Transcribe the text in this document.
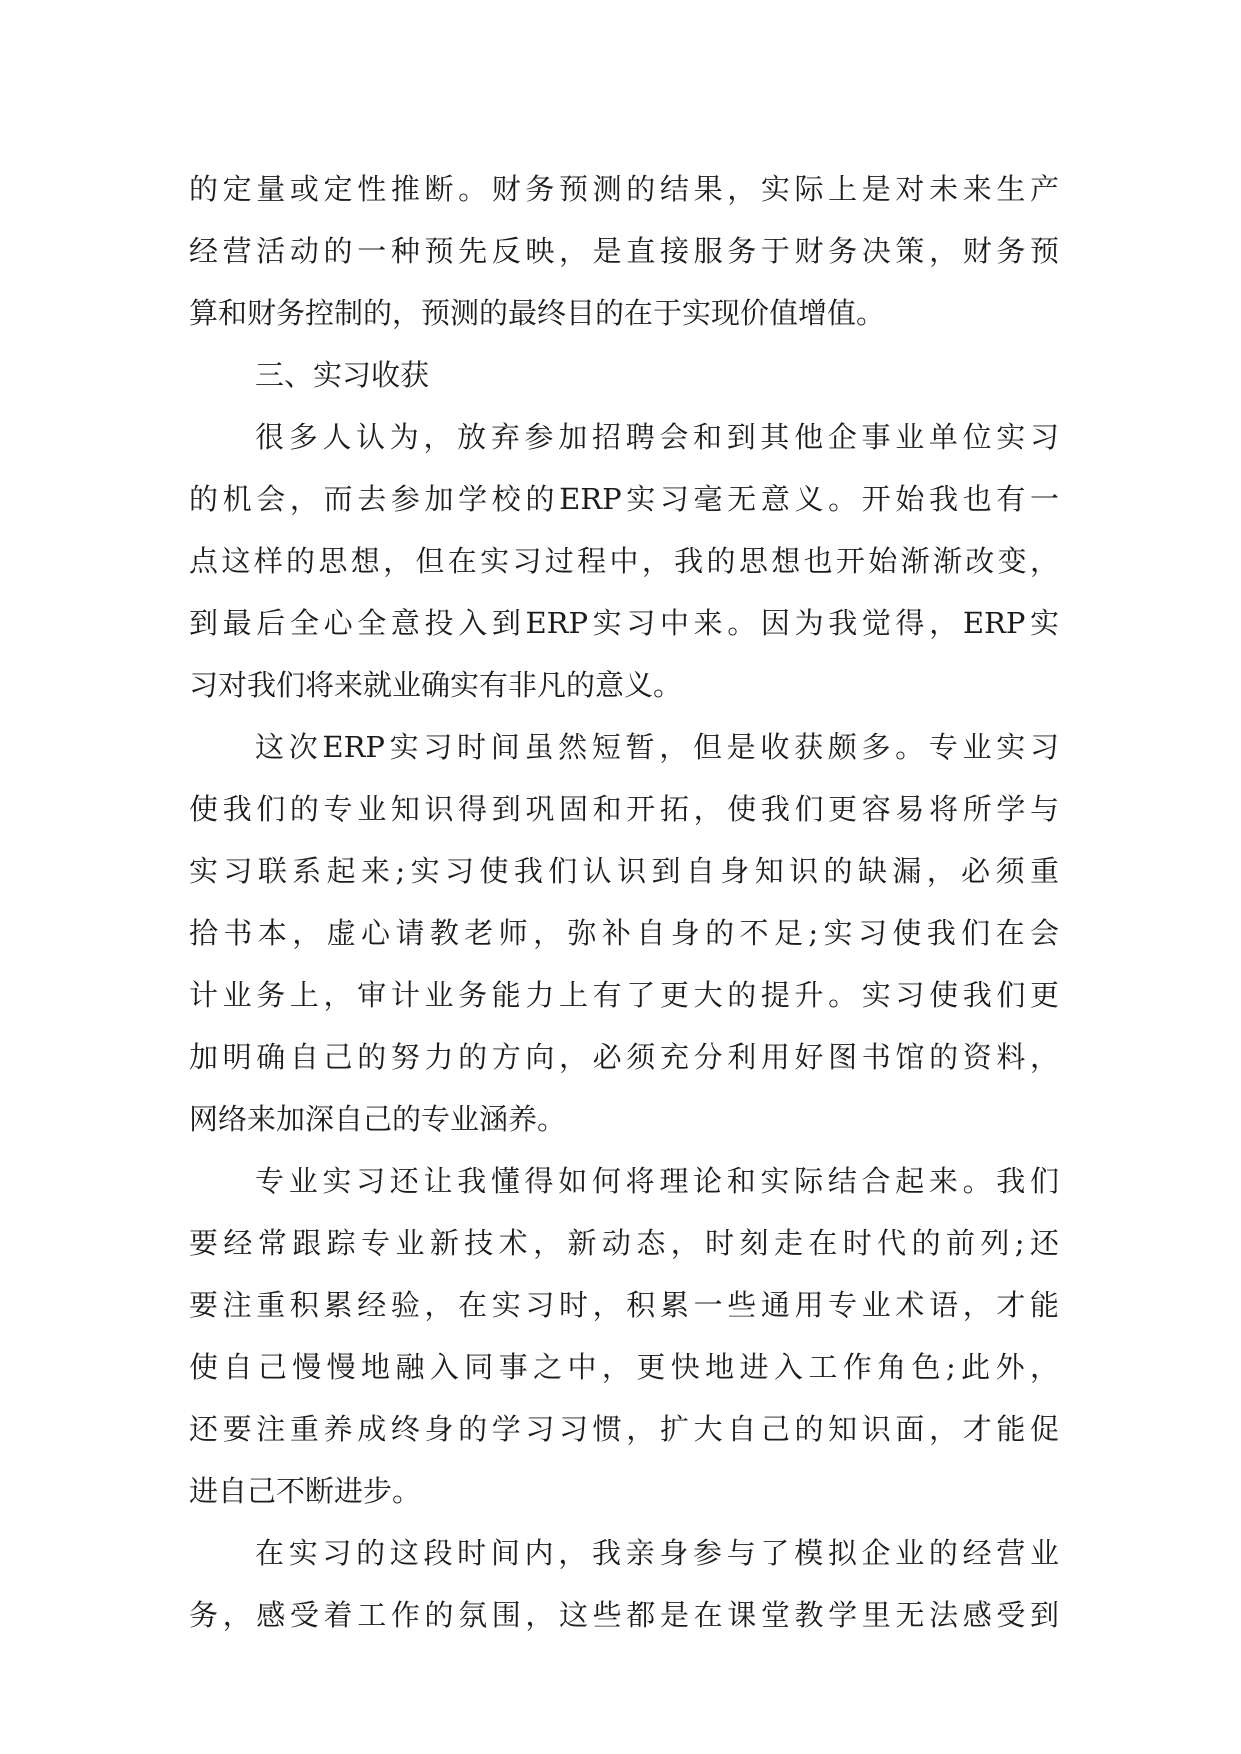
的定量或定性推断。财务预测的结果，实际上是对未来生产
经营活动的一种预先反映，是直接服务于财务决策，财务预
算和财务控制的，预测的最终目的在于实现价值增值。
三、实习收获
很多人认为，放弃参加招聘会和到其他企事业单位实习
的机会，而去参加学校的ERP实习毫无意义。开始我也有一
点这样的思想，但在实习过程中，我的思想也开始渐渐改变，
到最后全心全意投入到ERP实习中来。因为我觉得，ERP实
习对我们将来就业确实有非凡的意义。
这次ERP实习时间虽然短暂，但是收获颇多。专业实习
使我们的专业知识得到巩固和开拓，使我们更容易将所学与
实习联系起来;实习使我们认识到自身知识的缺漏，必须重
拾书本，虚心请教老师，弥补自身的不足;实习使我们在会
计业务上，审计业务能力上有了更大的提升。实习使我们更
加明确自己的努力的方向，必须充分利用好图书馆的资料，
网络来加深自己的专业涵养。
专业实习还让我懂得如何将理论和实际结合起来。我们
要经常跟踪专业新技术，新动态，时刻走在时代的前列;还
要注重积累经验，在实习时，积累一些通用专业术语，才能
使自己慢慢地融入同事之中，更快地进入工作角色;此外，
还要注重养成终身的学习习惯，扩大自己的知识面，才能促
进自己不断进步。
在实习的这段时间内，我亲身参与了模拟企业的经营业
务，感受着工作的氛围，这些都是在课堂教学里无法感受到
